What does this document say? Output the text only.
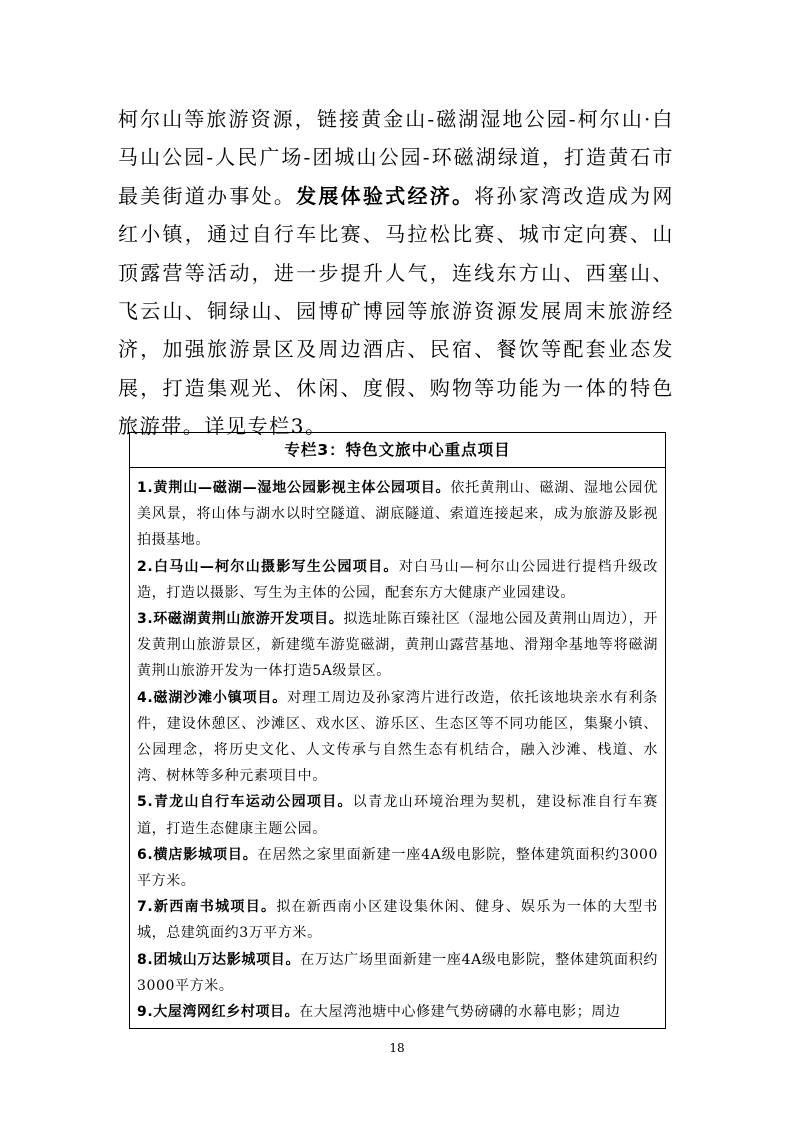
柯尔山等旅游资源，链接黄金山-磁湖湿地公园-柯尔山·白马山公园-人民广场-团城山公园-环磁湖绿道，打造黄石市最美街道办事处。发展体验式经济。将孙家湾改造成为网红小镇，通过自行车比赛、马拉松比赛、城市定向赛、山顶露营等活动，进一步提升人气，连线东方山、西塞山、飞云山、铜绿山、园博矿博园等旅游资源发展周末旅游经济，加强旅游景区及周边酒店、民宿、餐饮等配套业态发展，打造集观光、休闲、度假、购物等功能为一体的特色旅游带。详见专栏3。

专栏3：特色文旅中心重点项目

1.黄荆山—磁湖—湿地公园影视主体公园项目。依托黄荆山、磁湖、湿地公园优美风景，将山体与湖水以时空隧道、湖底隧道、索道连接起来，成为旅游及影视拍摄基地。

2.白马山—柯尔山摄影写生公园项目。对白马山—柯尔山公园进行提档升级改造，打造以摄影、写生为主体的公园，配套东方大健康产业园建设。

3.环磁湖黄荆山旅游开发项目。拟选址陈百臻社区（湿地公园及黄荆山周边），开发黄荆山旅游景区，新建缆车游览磁湖，黄荆山露营基地、滑翔伞基地等将磁湖黄荆山旅游开发为一体打造5A级景区。

4.磁湖沙滩小镇项目。对理工周边及孙家湾片进行改造，依托该地块亲水有利条件，建设休憩区、沙滩区、戏水区、游乐区、生态区等不同功能区，集聚小镇、公园理念，将历史文化、人文传承与自然生态有机结合，融入沙滩、栈道、水湾、树林等多种元素项目中。

5.青龙山自行车运动公园项目。以青龙山环境治理为契机，建设标准自行车赛道，打造生态健康主题公园。

6.横店影城项目。在居然之家里面新建一座4A级电影院，整体建筑面积约3000平方米。

7.新西南书城项目。拟在新西南小区建设集休闲、健身、娱乐为一体的大型书城，总建筑面约3万平方米。

8.团城山万达影城项目。在万达广场里面新建一座4A级电影院，整体建筑面积约3000平方米。

9.大屋湾网红乡村项目。在大屋湾池塘中心修建气势磅礴的水幕电影；周边

18
